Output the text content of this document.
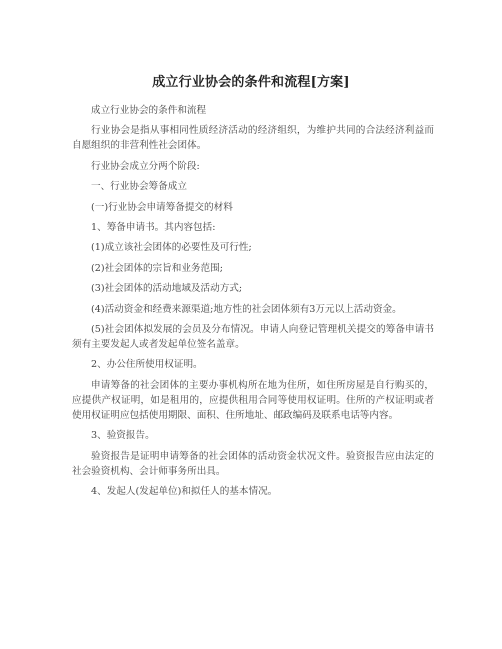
成立行业协会的条件和流程[方案]

成立行业协会的条件和流程

行业协会是指从事相同性质经济活动的经济组织，为维护共同的合法经济利益而自愿组织的非营利性社会团体。

行业协会成立分两个阶段:

一、行业协会筹备成立

(一)行业协会申请筹备提交的材料

1、筹备申请书。其内容包括:

(1)成立该社会团体的必要性及可行性;

(2)社会团体的宗旨和业务范围;

(3)社会团体的活动地域及活动方式;

(4)活动资金和经费来源渠道;地方性的社会团体须有3万元以上活动资金。

(5)社会团体拟发展的会员及分布情况。申请人向登记管理机关提交的筹备申请书须有主要发起人或者发起单位签名盖章。

2、办公住所使用权证明。

申请筹备的社会团体的主要办事机构所在地为住所，如住所房屋是自行购买的，应提供产权证明，如是租用的，应提供租用合同等使用权证明。住所的产权证明或者使用权证明应包括使用期限、面积、住所地址、邮政编码及联系电话等内容。

3、验资报告。

验资报告是证明申请筹备的社会团体的活动资金状况文件。验资报告应由法定的社会验资机构、会计师事务所出具。

4、发起人(发起单位)和拟任人的基本情况。
